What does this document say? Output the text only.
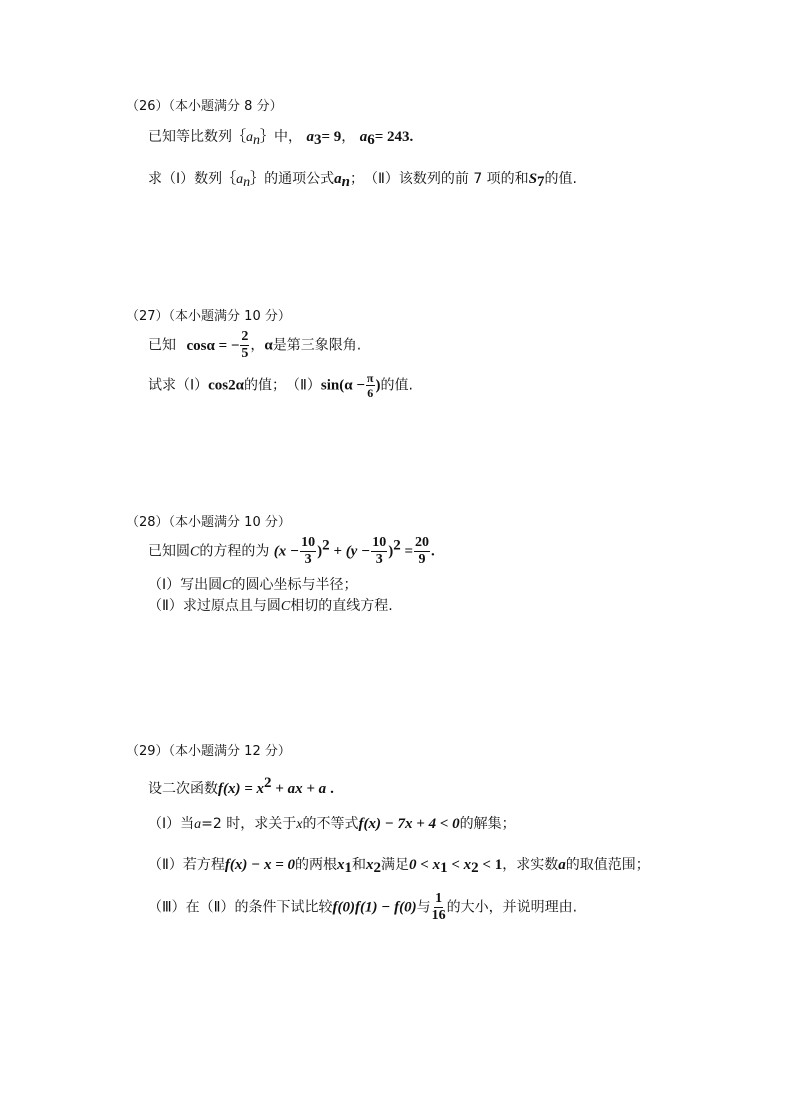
（26）（本小题满分 8 分）
已知等比数列$\{a_n\}$中， $a_3= 9$， $a_6= 243$.
求（Ⅰ）数列$\{a_n\}$的通项公式$a_n$；　（Ⅱ）该数列的前 7 项的和$S_7$的值.
（27）（本小题满分 10 分）
已知 cosα = − $\frac{2}{5}$ ，α是第三象限角.
试求（Ⅰ）cos2α的值；　（Ⅱ）sin(α − $\frac{\pi}{6}$ )的值.
（28）（本小题满分 10 分）
已知圆C的方程的为 $(x - \frac{10}{3} )^2 + (y - \frac{10}{3} )^2 = \frac{20}{9}$ .
（Ⅰ）写出圆C的圆心坐标与半径；
（Ⅱ）求过原点且与圆C相切的直线方程.
（29）（本小题满分 12 分）
设二次函数$f(x) = x^2$ + ax + a .
（Ⅰ）当a=2 时，求关于x的不等式f(x) − 7x + 4 < 0的解集；
（Ⅱ）若方程f(x) − x = 0的两根$x_1$和$x_2$满足$0 < x_1 < x_2 < 1$，求实数a的取值范围；
（Ⅲ）在（Ⅱ）的条件下试比较f(0)f(1) − f(0)与 $\frac{1}{16}$ 的大小，并说明理由.
